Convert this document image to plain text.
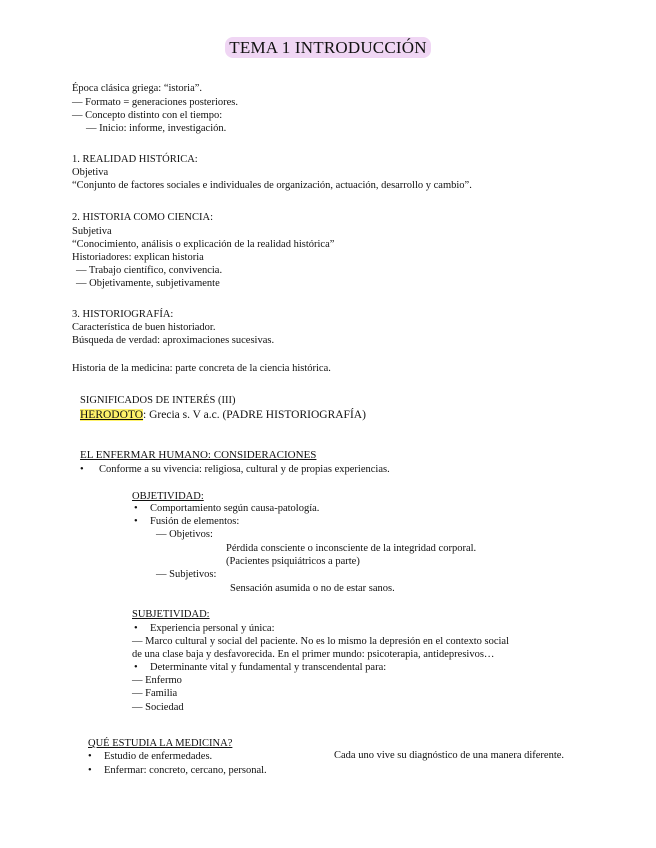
TEMA 1 INTRODUCCIÓN
Época clásica griega: “istoria”.
— Formato = generaciones posteriores.
— Concepto distinto con el tiempo:
— Inicio: informe, investigación.
1. REALIDAD HISTÓRICA:
Objetiva
“Conjunto de factores sociales e individuales de organización, actuación, desarrollo y cambio”.
2. HISTORIA COMO CIENCIA:
Subjetiva
“Conocimiento, análisis o explicación de la realidad histórica”
Historiadores: explican historia
— Trabajo científico, convivencia.
— Objetivamente, subjetivamente
3. HISTORIOGRAFÍA:
Característica de buen historiador.
Búsqueda de verdad: aproximaciones sucesivas.
Historia de la medicina: parte concreta de la ciencia histórica.
SIGNIFICADOS DE INTERÉS (III)
HERODOTO: Grecia s. V a.c. (PADRE HISTORIOGRAFÍA)
EL ENFERMAR HUMANO: CONSIDERACIONES
• Conforme a su vivencia: religiosa, cultural y de propias experiencias.
OBJETIVIDAD:
• Comportamiento según causa-patología.
• Fusión de elementos:
— Objetivos:
Pérdida consciente o inconsciente de la integridad corporal.
(Pacientes psiquiátricos a parte)
— Subjetivos:
Sensación asumida o no de estar sanos.
SUBJETIVIDAD:
• Experiencia personal y única:
— Marco cultural y social del paciente. No es lo mismo la depresión en el contexto social
de una clase baja y desfavorecida. En el primer mundo: psicoterapia, antidepresivos…
• Determinante vital y fundamental y transcendental para:
— Enfermo
— Familia
— Sociedad
QUÉ ESTUDIA LA MEDICINA?
• Estudio de enfermedades.
• Enfermar: concreto, cercano, personal.
Cada uno vive su diagnóstico de una manera diferente.
